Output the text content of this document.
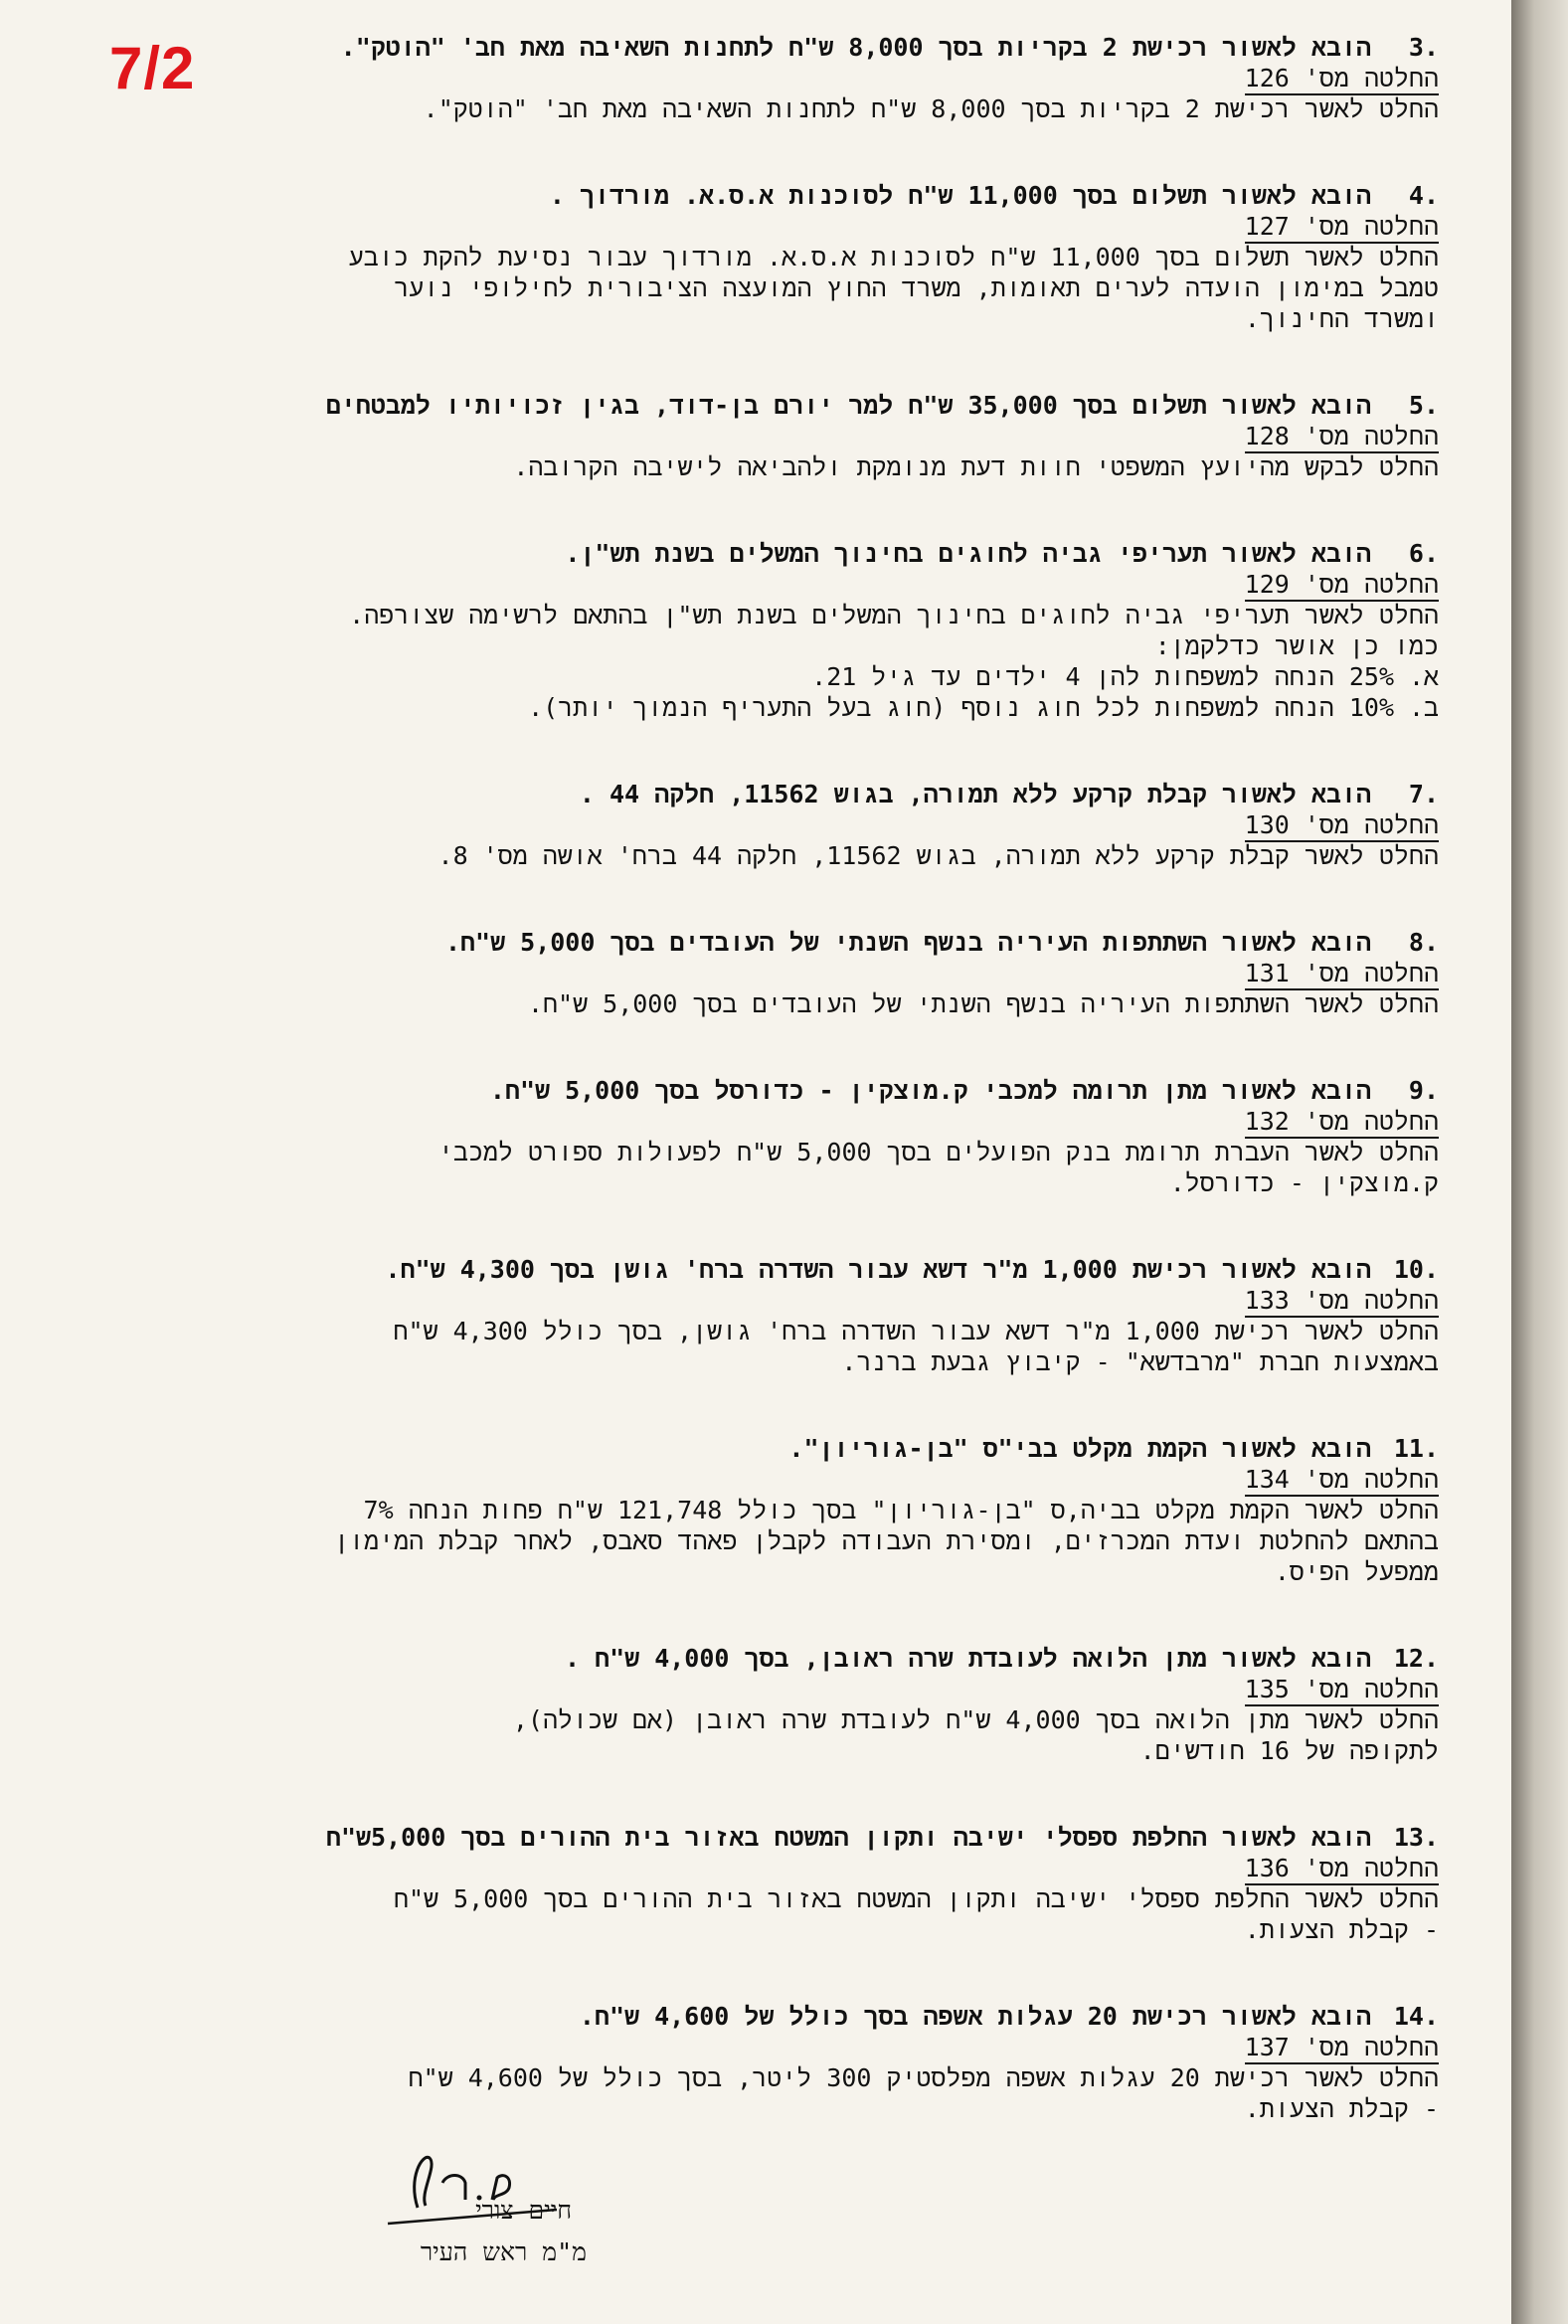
7/2	.3
הובא לאשור רכישת 2 בקריות בסך 8,000 ש"ח לתחנות השאיבה מאת חב' "הוטק".
החלטה מס' 126
החלט לאשר רכישת 2 בקריות בסך 8,000 ש"ח לתחנות השאיבה מאת חב' "הוטק".
.4
הובא לאשור תשלום בסך 11,000 ש"ח לסוכנות א.ס.א. מורדוך .
החלטה מס' 127
החלט לאשר תשלום בסך 11,000 ש"ח לסוכנות א.ס.א. מורדוך עבור נסיעת להקת כובע
טמבל במימון הועדה לערים תאומות, משרד החוץ המועצה הציבורית לחילופי נוער
ומשרד החינוך.
.5
הובא לאשור תשלום בסך 35,000 ש"ח למר יורם בן-דוד, בגין זכויותיו למבטחים
החלטה מס' 128
החלט לבקש מהיועץ המשפטי חוות דעת מנומקת ולהביאה לישיבה הקרובה.
.6
הובא לאשור תעריפי גביה לחוגים בחינוך המשלים בשנת תש"ן.
החלטה מס' 129
החלט לאשר תעריפי גביה לחוגים בחינוך המשלים בשנת תש"ן בהתאם לרשימה שצורפה.
כמו כן אושר כדלקמן:
א.
25% הנחה למשפחות להן 4 ילדים עד גיל 21.
ב.
10% הנחה למשפחות לכל חוג נוסף (חוג בעל התעריף הנמוך יותר).
.7
הובא לאשור קבלת קרקע ללא תמורה, בגוש 11562, חלקה 44 .
החלטה מס' 130
החלט לאשר קבלת קרקע ללא תמורה, בגוש 11562, חלקה 44 ברח' אושה מס' 8.
.8
הובא לאשור השתתפות העיריה בנשף השנתי של העובדים בסך 5,000 ש"ח.
החלטה מס' 131
החלט לאשר השתתפות העיריה בנשף השנתי של העובדים בסך 5,000 ש"ח.
.9
הובא לאשור מתן תרומה למכבי ק.מוצקין - כדורסל בסך 5,000 ש"ח.
החלטה מס' 132
החלט לאשר העברת תרומת בנק הפועלים בסך 5,000 ש"ח לפעולות ספורט למכבי
ק.מוצקין - כדורסל.
.10
הובא לאשור רכישת 1,000 מ"ר דשא עבור השדרה ברח' גושן בסך 4,300 ש"ח.
החלטה מס' 133
החלט לאשר רכישת 1,000 מ"ר דשא עבור השדרה ברח' גושן, בסך כולל 4,300 ש"ח
באמצעות חברת "מרבדשא" - קיבוץ גבעת ברנר.
.11
הובא לאשור הקמת מקלט בבי"ס "בן-גוריון".
החלטה מס' 134
החלט לאשר הקמת מקלט בביה,ס "בן-גוריון" בסך כולל 121,748 ש"ח פחות הנחה 7%
בהתאם להחלטת ועדת המכרזים, ומסירת העבודה לקבלן פאהד סאבס, לאחר קבלת המימון
ממפעל הפיס.
.12
הובא לאשור מתן הלואה לעובדת שרה ראובן, בסך 4,000 ש"ח .
החלטה מס' 135
החלט לאשר מתן הלואה בסך 4,000 ש"ח לעובדת שרה ראובן (אם שכולה),
לתקופה של 16 חודשים.
.13
הובא לאשור החלפת ספסלי ישיבה ותקון המשטח באזור בית ההורים בסך 5,000ש"ח
החלטה מס' 136
החלט לאשר החלפת ספסלי ישיבה ותקון המשטח באזור בית ההורים בסך 5,000 ש"ח
- קבלת הצעות.
.14
הובא לאשור רכישת 20 עגלות אשפה בסך כולל של 4,600 ש"ח.
החלטה מס' 137
החלט לאשר רכישת 20 עגלות אשפה מפלסטיק 300 ליטר, בסך כולל של 4,600 ש"ח
- קבלת הצעות.
חיים צורי
מ"מ ראש העיר
